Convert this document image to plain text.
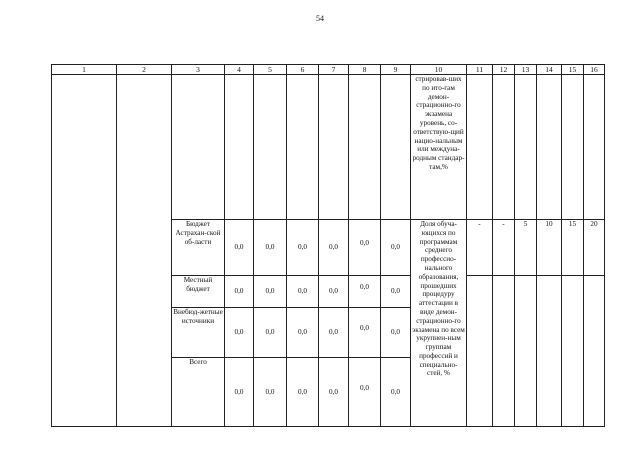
54
1	2	3	4	5	6	7	8	9	10	11	12	13	14	15	16
									стрировав-ших по ито-гам демон-страционно-го экзамена уровень, со-ответствую-щий нацио-нальным или междуна-родным стандар-там,%						
		Бюджет Астрахан-ской об-ласти	0,0	0,0	0,0	0,0	0,0	0,0	Доля обуча-ющихся по программам среднего профессио-нального образования, прошедших процедуру аттестации в виде демон-страционно-го экзамена по всем укрупнен-ным группам профессий и специально-стей, %	-	-	5	10	15	20
		Местный бюджет	0,0	0,0	0,0	0,0	0,0	0,0							
		Внебюд-жетные источники	0,0	0,0	0,0	0,0	0,0	0,0							
		Всего	0,0	0,0	0,0	0,0	0,0	0,0							
